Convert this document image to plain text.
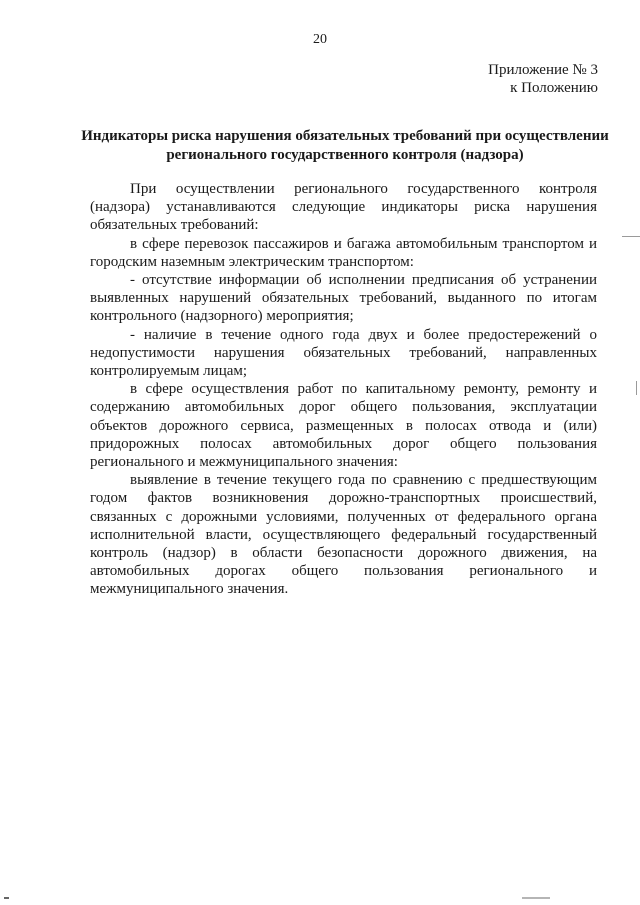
20
Приложение № 3
к Положению
Индикаторы риска нарушения обязательных требований при осуществлении регионального государственного контроля (надзора)

При осуществлении регионального государственного контроля (надзора) устанавливаются следующие индикаторы риска нарушения обязательных требований:

в сфере перевозок пассажиров и багажа автомобильным транспортом и городским наземным электрическим транспортом:

- отсутствие информации об исполнении предписания об устранении выявленных нарушений обязательных требований, выданного по итогам контрольного (надзорного) мероприятия;

- наличие в течение одного года двух и более предостережений о недопустимости нарушения обязательных требований, направленных контролируемым лицам;

в сфере осуществления работ по капитальному ремонту, ремонту и содержанию автомобильных дорог общего пользования, эксплуатации объектов дорожного сервиса, размещенных в полосах отвода и (или) придорожных полосах автомобильных дорог общего пользования регионального и межмуниципального значения:

выявление в течение текущего года по сравнению с предшествующим годом фактов возникновения дорожно-транспортных происшествий, связанных с дорожными условиями, полученных от федерального органа исполнительной власти, осуществляющего федеральный государственный контроль (надзор) в области безопасности дорожного движения, на автомобильных дорогах общего пользования регионального и межмуниципального значения.
